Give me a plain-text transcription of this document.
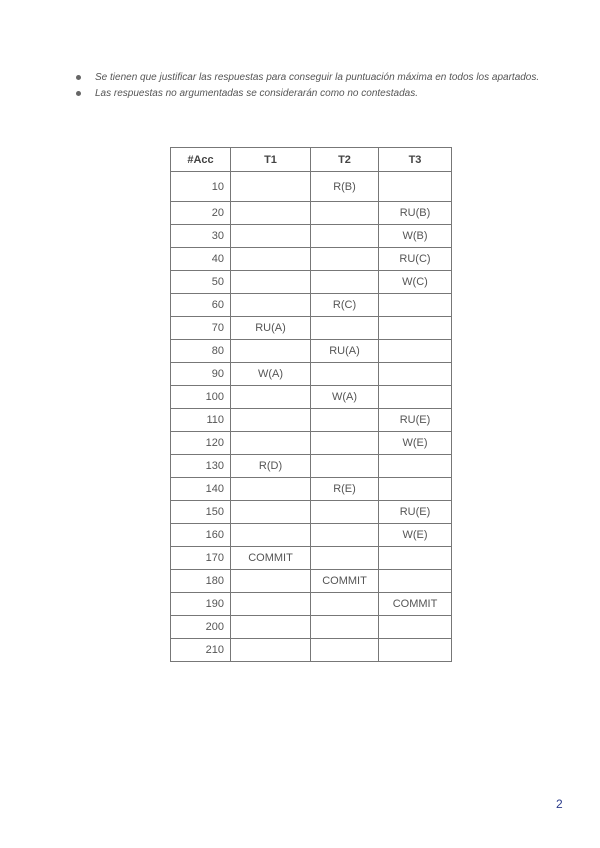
Se tienen que justificar las respuestas para conseguir la puntuación máxima en todos los apartados.
Las respuestas no argumentadas se considerarán como no contestadas.
#Acc	T1	T2	T3
10		R(B)	
20			RU(B)
30			W(B)
40			RU(C)
50			W(C)
60		R(C)	
70	RU(A)		
80		RU(A)	
90	W(A)		
100		W(A)	
110			RU(E)
120			W(E)
130	R(D)		
140		R(E)	
150			RU(E)
160			W(E)
170	COMMIT		
180		COMMIT	
190			COMMIT
200			
210			
2
